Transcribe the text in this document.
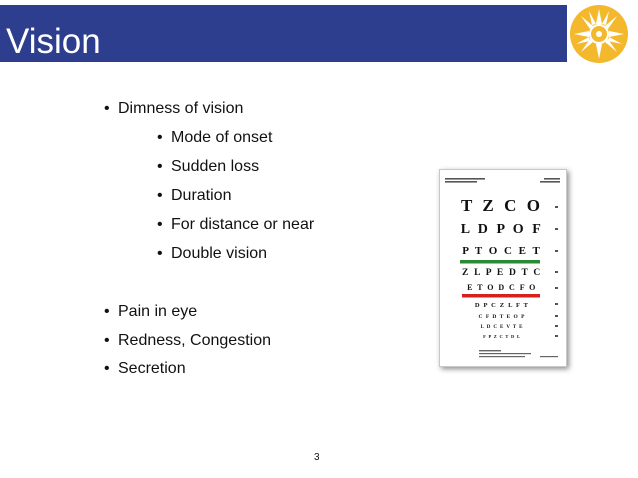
Vision
• Dimness of vision
• Mode of onset
• Sudden loss
• Duration
• For distance or near
• Double vision
• Pain in eye
• Redness, Congestion
• Secretion
T Z C O
L D P O F
P T O C E T
Z L P E D T C
E T O D C F O
D P C Z L F T
C F D T E O P
L D C E V T E
F P Z C T D L
3
